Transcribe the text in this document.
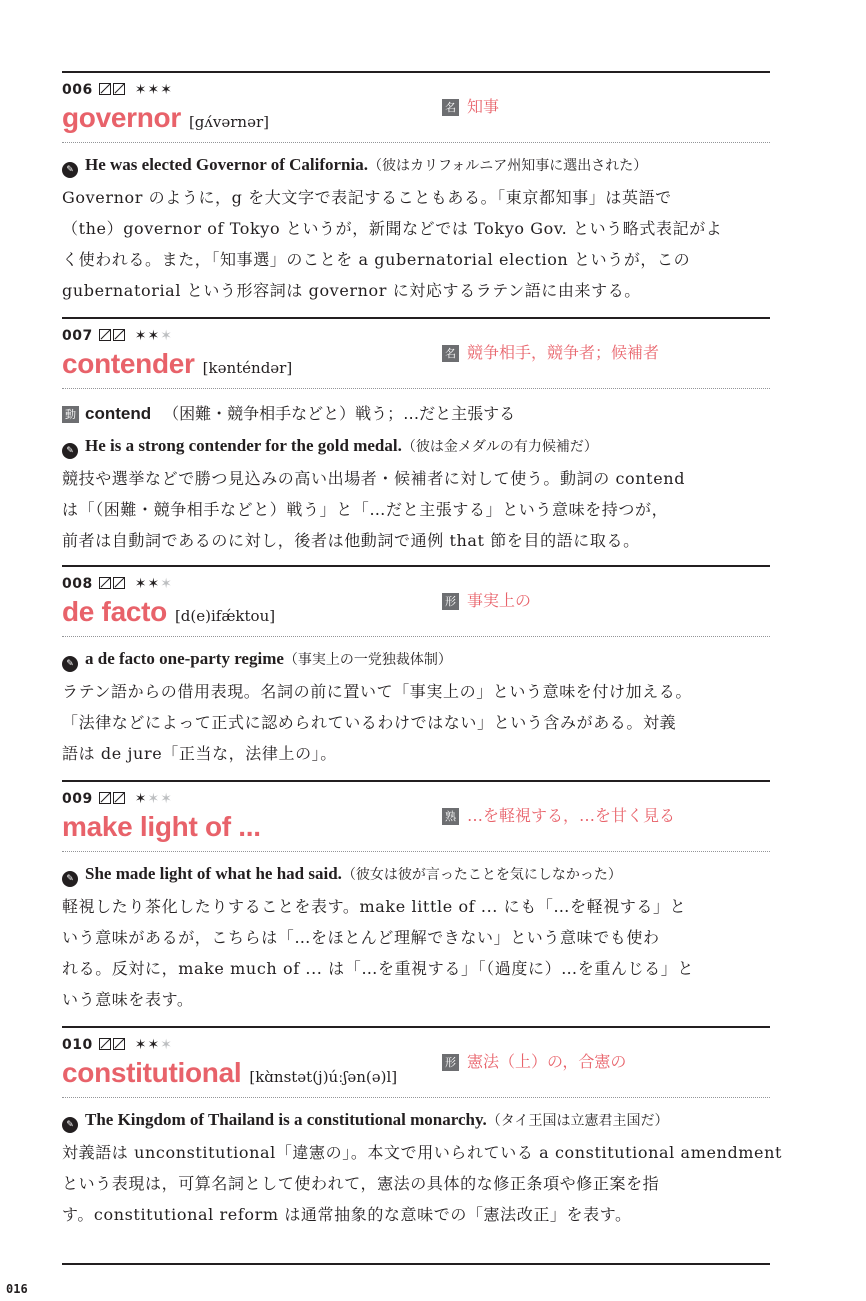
006	✶✶✶
governor [gʌ́vərnər]
名 知事
✎ He was elected Governor of California.（彼はカリフォルニア州知事に選出された）
Governor のように，g を大文字で表記することもある。「東京都知事」は英語で
（the）governor of Tokyo というが，新聞などでは Tokyo Gov. という略式表記がよ
く使われる。また，「知事選」のことを a gubernatorial election というが，この
gubernatorial という形容詞は governor に対応するラテン語に由来する。
007	✶✶✶
contender [kənténdər]
名 競争相手，競争者；候補者
動 contend （困難・競争相手などと）戦う；…だと主張する
✎ He is a strong contender for the gold medal.（彼は金メダルの有力候補だ）
競技や選挙などで勝つ見込みの高い出場者・候補者に対して使う。動詞の contend
は「（困難・競争相手などと）戦う」と「…だと主張する」という意味を持つが，
前者は自動詞であるのに対し，後者は他動詞で通例 that 節を目的語に取る。
008	✶✶✶
de facto [d(e)ifǽktou]
形 事実上の
✎ a de facto one-party regime（事実上の一党独裁体制）
ラテン語からの借用表現。名詞の前に置いて「事実上の」という意味を付け加える。
「法律などによって正式に認められているわけではない」という含みがある。対義
語は de jure「正当な，法律上の」。
009	✶✶✶
make light of ...	熟 …を軽視する，…を甘く見る
✎ She made light of what he had said.（彼女は彼が言ったことを気にしなかった）
軽視したり茶化したりすることを表す。make little of ... にも「…を軽視する」と
いう意味があるが，こちらは「…をほとんど理解できない」という意味でも使わ
れる。反対に，make much of ... は「…を重視する」「（過度に）…を重んじる」と
いう意味を表す。
010	✶✶✶
constitutional [kɑ̀nstət(j)úːʃən(ə)l]
形 憲法（上）の，合憲の
✎ The Kingdom of Thailand is a constitutional monarchy.（タイ王国は立憲君主国だ）
対義語は unconstitutional「違憲の」。本文で用いられている a constitutional amendment
という表現は，可算名詞として使われて，憲法の具体的な修正条項や修正案を指
す。constitutional reform は通常抽象的な意味での「憲法改正」を表す。
016
